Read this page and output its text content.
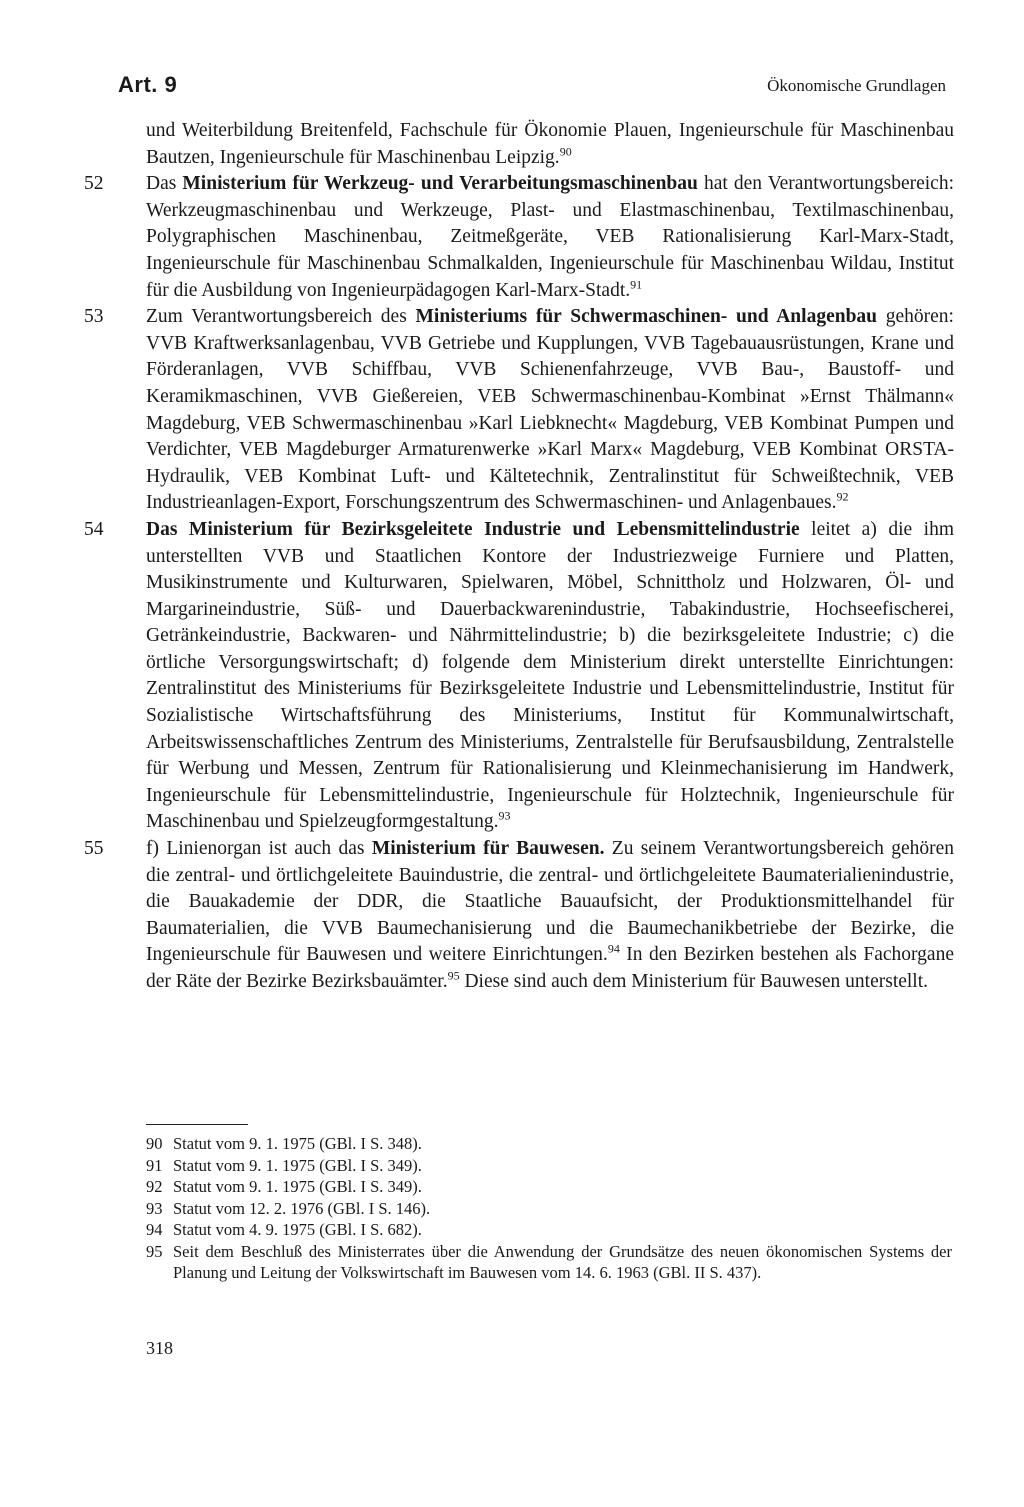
Art. 9	Ökonomische Grundlagen
und Weiterbildung Breitenfeld, Fachschule für Ökonomie Plauen, Ingenieurschule für Maschinenbau Bautzen, Ingenieurschule für Maschinenbau Leipzig.$^{90}$
52	Das Ministerium für Werkzeug- und Verarbeitungsmaschinenbau hat den Verantwortungsbereich: Werkzeugmaschinenbau und Werkzeuge, Plast- und Elastmaschinenbau, Textilmaschinenbau, Polygraphischen Maschinenbau, Zeitmeßgeräte, VEB Rationalisierung Karl-Marx-Stadt, Ingenieurschule für Maschinenbau Schmalkalden, Ingenieurschule für Maschinenbau Wildau, Institut für die Ausbildung von Ingenieurpädagogen Karl-Marx-Stadt.$^{91}$
53	Zum Verantwortungsbereich des Ministeriums für Schwermaschinen- und Anlagenbau gehören: VVB Kraftwerksanlagenbau, VVB Getriebe und Kupplungen, VVB Tagebauausrüstungen, Krane und Förderanlagen, VVB Schiffbau, VVB Schienenfahrzeuge, VVB Bau-, Baustoff- und Keramikmaschinen, VVB Gießereien, VEB Schwermaschinenbau-Kombinat »Ernst Thälmann« Magdeburg, VEB Schwermaschinenbau »Karl Liebknecht« Magdeburg, VEB Kombinat Pumpen und Verdichter, VEB Magdeburger Armaturenwerke »Karl Marx« Magdeburg, VEB Kombinat ORSTA-Hydraulik, VEB Kombinat Luft- und Kältetechnik, Zentralinstitut für Schweißtechnik, VEB Industrieanlagen-Export, Forschungszentrum des Schwermaschinen- und Anlagenbaues.$^{92}$
54	Das Ministerium für Bezirksgeleitete Industrie und Lebensmittelindustrie leitet a) die ihm unterstellten VVB und Staatlichen Kontore der Industriezweige Furniere und Platten, Musikinstrumente und Kulturwaren, Spielwaren, Möbel, Schnittholz und Holzwaren, Öl- und Margarineindustrie, Süß- und Dauerbackwarenindustrie, Tabakindustrie, Hochseefischerei, Getränkeindustrie, Backwaren- und Nährmittelindustrie; b) die bezirksgeleitete Industrie; c) die örtliche Versorgungswirtschaft; d) folgende dem Ministerium direkt unterstellte Einrichtungen: Zentralinstitut des Ministeriums für Bezirksgeleitete Industrie und Lebensmittelindustrie, Institut für Sozialistische Wirtschaftsführung des Ministeriums, Institut für Kommunalwirtschaft, Arbeitswissenschaftliches Zentrum des Ministeriums, Zentralstelle für Berufsausbildung, Zentralstelle für Werbung und Messen, Zentrum für Rationalisierung und Kleinmechanisierung im Handwerk, Ingenieurschule für Lebensmittelindustrie, Ingenieurschule für Holztechnik, Ingenieurschule für Maschinenbau und Spielzeugformgestaltung.$^{93}$
55	f) Linienorgan ist auch das Ministerium für Bauwesen. Zu seinem Verantwortungsbereich gehören die zentral- und örtlichgeleitete Bauindustrie, die zentral- und örtlichgeleitete Baumaterialienindustrie, die Bauakademie der DDR, die Staatliche Bauaufsicht, der Produktionsmittelhandel für Baumaterialien, die VVB Baumechanisierung und die Baumechanikbetriebe der Bezirke, die Ingenieurschule für Bauwesen und weitere Einrichtungen.$^{94}$ In den Bezirken bestehen als Fachorgane der Räte der Bezirke Bezirksbauämter.$^{95}$ Diese sind auch dem Ministerium für Bauwesen unterstellt.
90 Statut vom 9. 1. 1975 (GBl. I S. 348).
91 Statut vom 9. 1. 1975 (GBl. I S. 349).
92 Statut vom 9. 1. 1975 (GBl. I S. 349).
93 Statut vom 12. 2. 1976 (GBl. I S. 146).
94 Statut vom 4. 9. 1975 (GBl. I S. 682).
95 Seit dem Beschluß des Ministerrates über die Anwendung der Grundsätze des neuen ökonomischen Systems der Planung und Leitung der Volkswirtschaft im Bauwesen vom 14. 6. 1963 (GBl. II S. 437).
318
